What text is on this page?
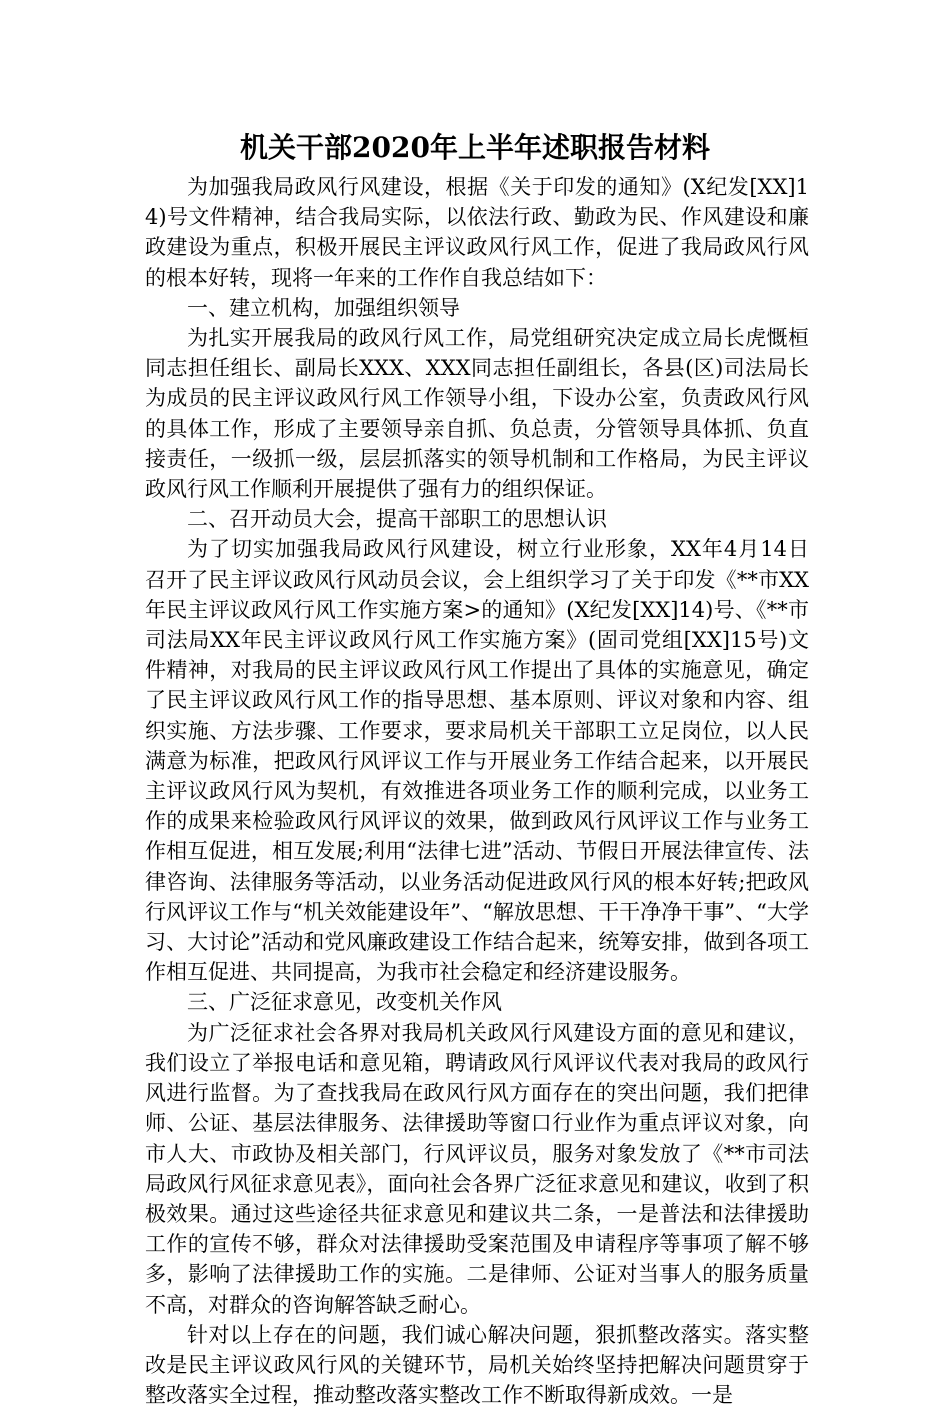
机关干部2020年上半年述职报告材料

为加强我局政风行风建设，根据《关于印发的通知》(X纪发[XX]14)号文件精神，结合我局实际，以依法行政、勤政为民、作风建设和廉政建设为重点，积极开展民主评议政风行风工作，促进了我局政风行风的根本好转，现将一年来的工作作自我总结如下：

一、建立机构，加强组织领导

为扎实开展我局的政风行风工作，局党组研究决定成立局长虎慨桓同志担任组长、副局长XXX、XXX同志担任副组长，各县(区)司法局长为成员的民主评议政风行风工作领导小组，下设办公室，负责政风行风的具体工作，形成了主要领导亲自抓、负总责，分管领导具体抓、负直接责任，一级抓一级，层层抓落实的领导机制和工作格局，为民主评议政风行风工作顺利开展提供了强有力的组织保证。

二、召开动员大会，提高干部职工的思想认识

为了切实加强我局政风行风建设，树立行业形象，XX年4月14日 召开了民主评议政风行风动员会议，会上组织学习了关于印发《**市XX年民主评议政风行风工作实施方案>的通知》(X纪发[XX]14)号、《**市司法局XX年民主评议政风行风工作实施方案》(固司党组[XX]15号)文件精神，对我局的民主评议政风行风工作提出了具体的实施意见，确定了民主评议政风行风工作的指导思想、基本原则、评议对象和内容、组织实施、方法步骤、工作要求，要求局机关干部职工立足岗位，以人民满意为标准，把政风行风评议工作与开展业务工作结合起来，以开展民主评议政风行风为契机，有效推进各项业务工作的顺利完成，以业务工作的成果来检验政风行风评议的效果，做到政风行风评议工作与业务工作相互促进，相互发展;利用“法律七进”活动、节假日开展法律宣传、法律咨询、法律服务等活动，以业务活动促进政风行风的根本好转;把政风行风评议工作与“机关效能建设年”、“解放思想、干干净净干事”、“大学习、大讨论”活动和党风廉政建设工作结合起来，统筹安排，做到各项工作相互促进、共同提高，为我市社会稳定和经济建设服务。

三、广泛征求意见，改变机关作风

为广泛征求社会各界对我局机关政风行风建设方面的意见和建议，我们设立了举报电话和意见箱，聘请政风行风评议代表对我局的政风行风进行监督。为了查找我局在政风行风方面存在的突出问题，我们把律师、公证、基层法律服务、法律援助等窗口行业作为重点评议对象，向市人大、市政协及相关部门，行风评议员，服务对象发放了《**市司法局政风行风征求意见表》，面向社会各界广泛征求意见和建议，收到了积极效果。通过这些途径共征求意见和建议共二条，一是普法和法律援助工作的宣传不够，群众对法律援助受案范围及申请程序等事项了解不够多，影响了法律援助工作的实施。二是律师、公证对当事人的服务质量不高，对群众的咨询解答缺乏耐心。

针对以上存在的问题，我们诚心解决问题，狠抓整改落实。落实整改是民主评议政风行风的关键环节，局机关始终坚持把解决问题贯穿于整改落实全过程，推动整改落实整改工作不断取得新成效。一是
